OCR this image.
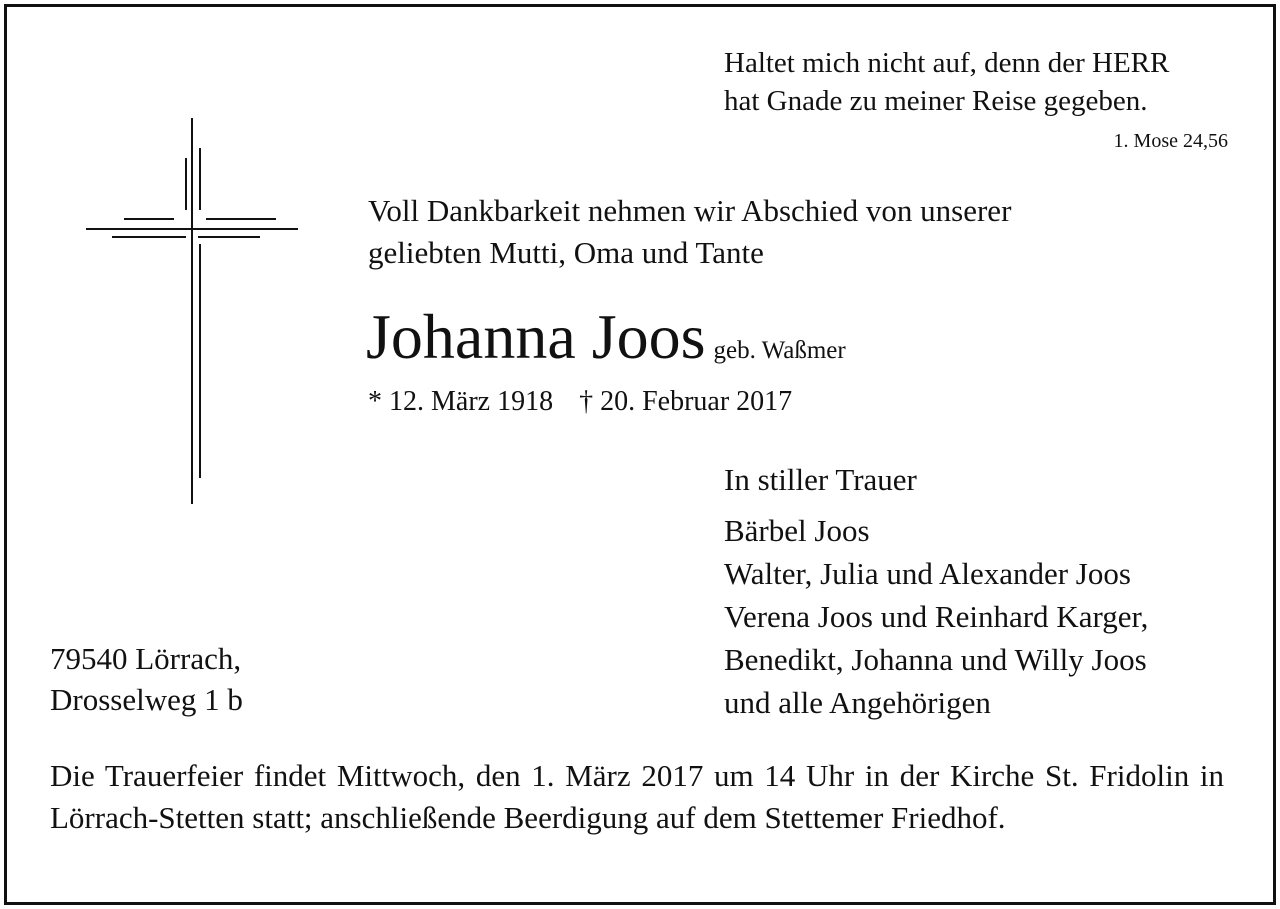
Haltet mich nicht auf, denn der HERR
hat Gnade zu meiner Reise gegeben.
1. Mose 24,56
Voll Dankbarkeit nehmen wir Abschied von unserer
geliebten Mutti, Oma und Tante
Johanna Joos geb. Waßmer
* 12. März 1918 † 20. Februar 2017
In stiller Trauer
Bärbel Joos
Walter, Julia und Alexander Joos
Verena Joos und Reinhard Karger,
Benedikt, Johanna und Willy Joos
und alle Angehörigen
79540 Lörrach,
Drosselweg 1 b
Die Trauerfeier findet Mittwoch, den 1. März 2017 um 14 Uhr in der Kirche St. Fridolin in Lörrach-Stetten statt; anschließende Beerdigung auf dem Stettemer Friedhof.
